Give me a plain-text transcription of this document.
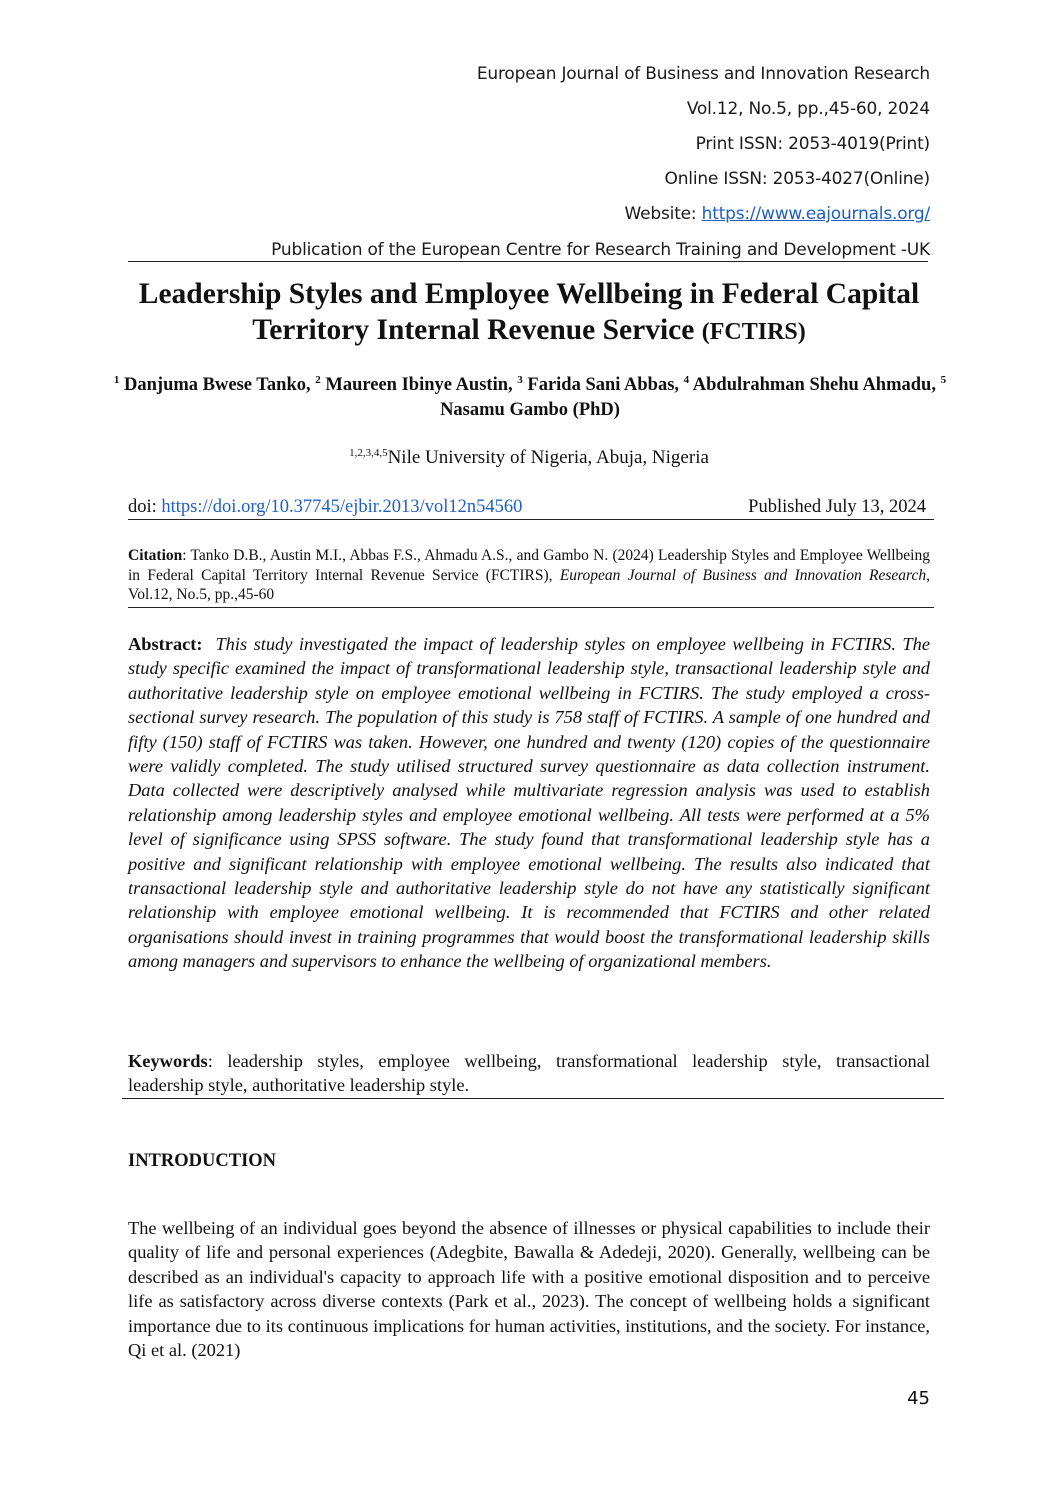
European Journal of Business and Innovation Research
Vol.12, No.5, pp.,45-60, 2024
Print ISSN: 2053-4019(Print)
Online ISSN: 2053-4027(Online)
Website: https://www.eajournals.org/
Publication of the European Centre for Research Training and Development -UK
Leadership Styles and Employee Wellbeing in Federal Capital Territory Internal Revenue Service (FCTIRS)
$^1$ Danjuma Bwese Tanko, $^2$ Maureen Ibinye Austin, $^3$ Farida Sani Abbas, $^4$ Abdulrahman Shehu Ahmadu, $^5$ Nasamu Gambo (PhD)
$^{1,2,3,4,5}$Nile University of Nigeria, Abuja, Nigeria
doi: https://doi.org/10.37745/ejbir.2013/vol12n54560	Published July 13, 2024
Citation: Tanko D.B., Austin M.I., Abbas F.S., Ahmadu A.S., and Gambo N. (2024) Leadership Styles and Employee Wellbeing in Federal Capital Territory Internal Revenue Service (FCTIRS), European Journal of Business and Innovation Research, Vol.12, No.5, pp.,45-60
Abstract: This study investigated the impact of leadership styles on employee wellbeing in FCTIRS. The study specific examined the impact of transformational leadership style, transactional leadership style and authoritative leadership style on employee emotional wellbeing in FCTIRS. The study employed a cross-sectional survey research. The population of this study is 758 staff of FCTIRS. A sample of one hundred and fifty (150) staff of FCTIRS was taken. However, one hundred and twenty (120) copies of the questionnaire were validly completed. The study utilised structured survey questionnaire as data collection instrument. Data collected were descriptively analysed while multivariate regression analysis was used to establish relationship among leadership styles and employee emotional wellbeing. All tests were performed at a 5% level of significance using SPSS software. The study found that transformational leadership style has a positive and significant relationship with employee emotional wellbeing. The results also indicated that transactional leadership style and authoritative leadership style do not have any statistically significant relationship with employee emotional wellbeing. It is recommended that FCTIRS and other related organisations should invest in training programmes that would boost the transformational leadership skills among managers and supervisors to enhance the wellbeing of organizational members.
Keywords: leadership styles, employee wellbeing, transformational leadership style, transactional leadership style, authoritative leadership style.
INTRODUCTION
The wellbeing of an individual goes beyond the absence of illnesses or physical capabilities to include their quality of life and personal experiences (Adegbite, Bawalla & Adedeji, 2020). Generally, wellbeing can be described as an individual's capacity to approach life with a positive emotional disposition and to perceive life as satisfactory across diverse contexts (Park et al., 2023). The concept of wellbeing holds a significant importance due to its continuous implications for human activities, institutions, and the society. For instance, Qi et al. (2021)
45
